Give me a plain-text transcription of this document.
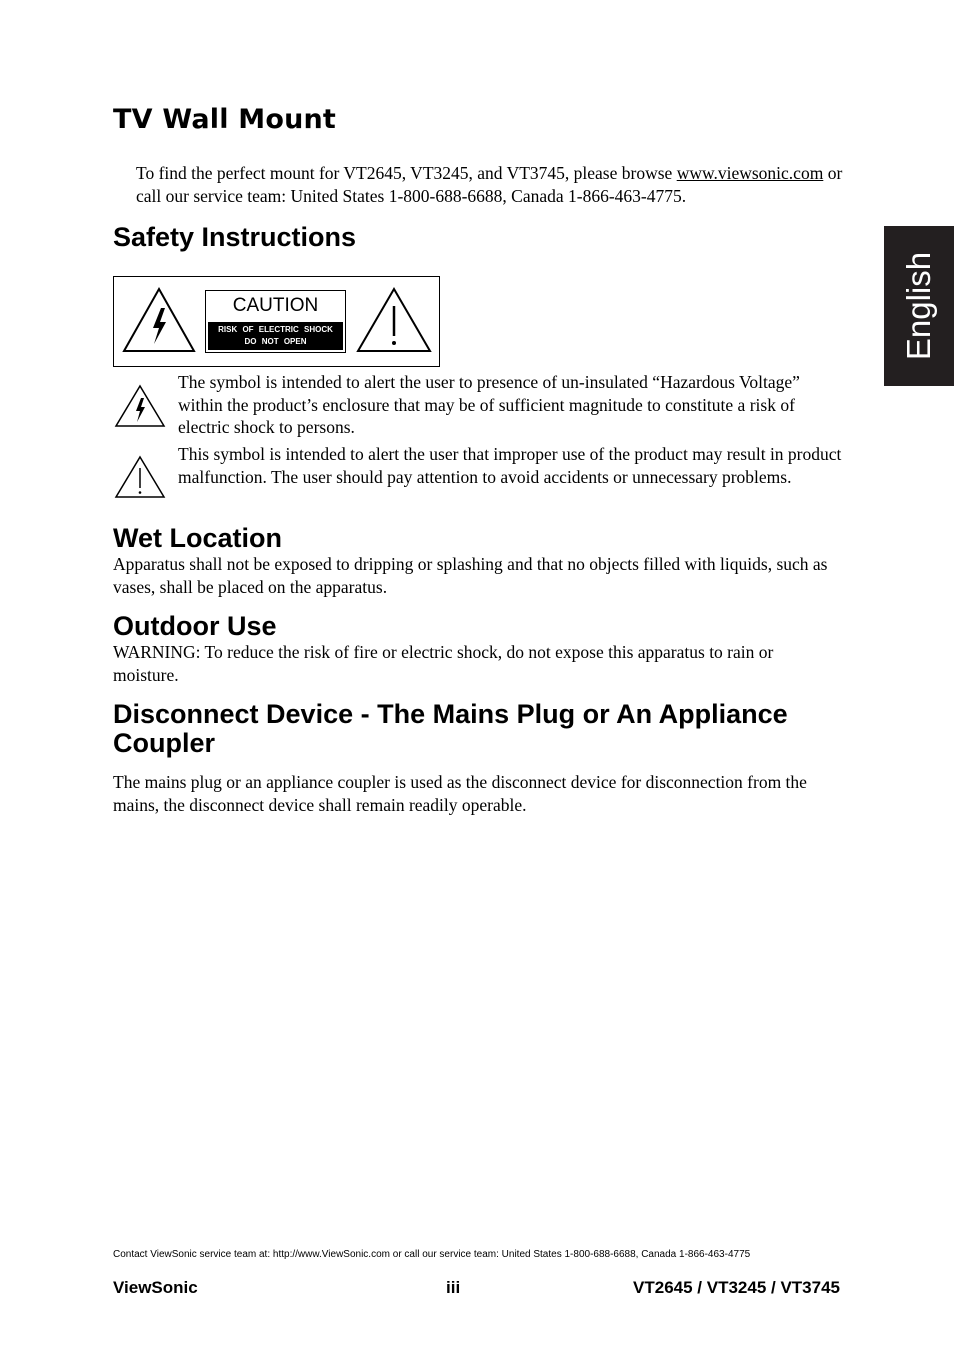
TV Wall Mount

To find the perfect mount for VT2645, VT3245, and VT3745, please browse www.viewsonic.com or call our service team: United States 1-800-688-6688, Canada 1-866-463-4775.

Safety Instructions
CAUTION
RISK OF ELECTRIC SHOCK
DO NOT OPEN

The symbol is intended to alert the user to presence of un-insulated “Hazardous Voltage” within the product’s enclosure that may be of sufficient magnitude to constitute a risk of electric shock to persons.

This symbol is intended to alert the user that improper use of the product may result in product malfunction. The user should pay attention to avoid accidents or unnecessary problems.

Wet Location

Apparatus shall not be exposed to dripping or splashing and that no objects filled with liquids, such as vases, shall be placed on the apparatus.

Outdoor Use

WARNING: To reduce the risk of fire or electric shock, do not expose this apparatus to rain or moisture.

Disconnect Device - The Mains Plug or An Appliance Coupler

The mains plug or an appliance coupler is used as the disconnect device for disconnection from the mains, the disconnect device shall remain readily operable.

English
Contact ViewSonic service team at: http://www.ViewSonic.com or call our service team: United States 1-800-688-6688, Canada 1-866-463-4775
ViewSonic	iii	VT2645 / VT3245 / VT3745
